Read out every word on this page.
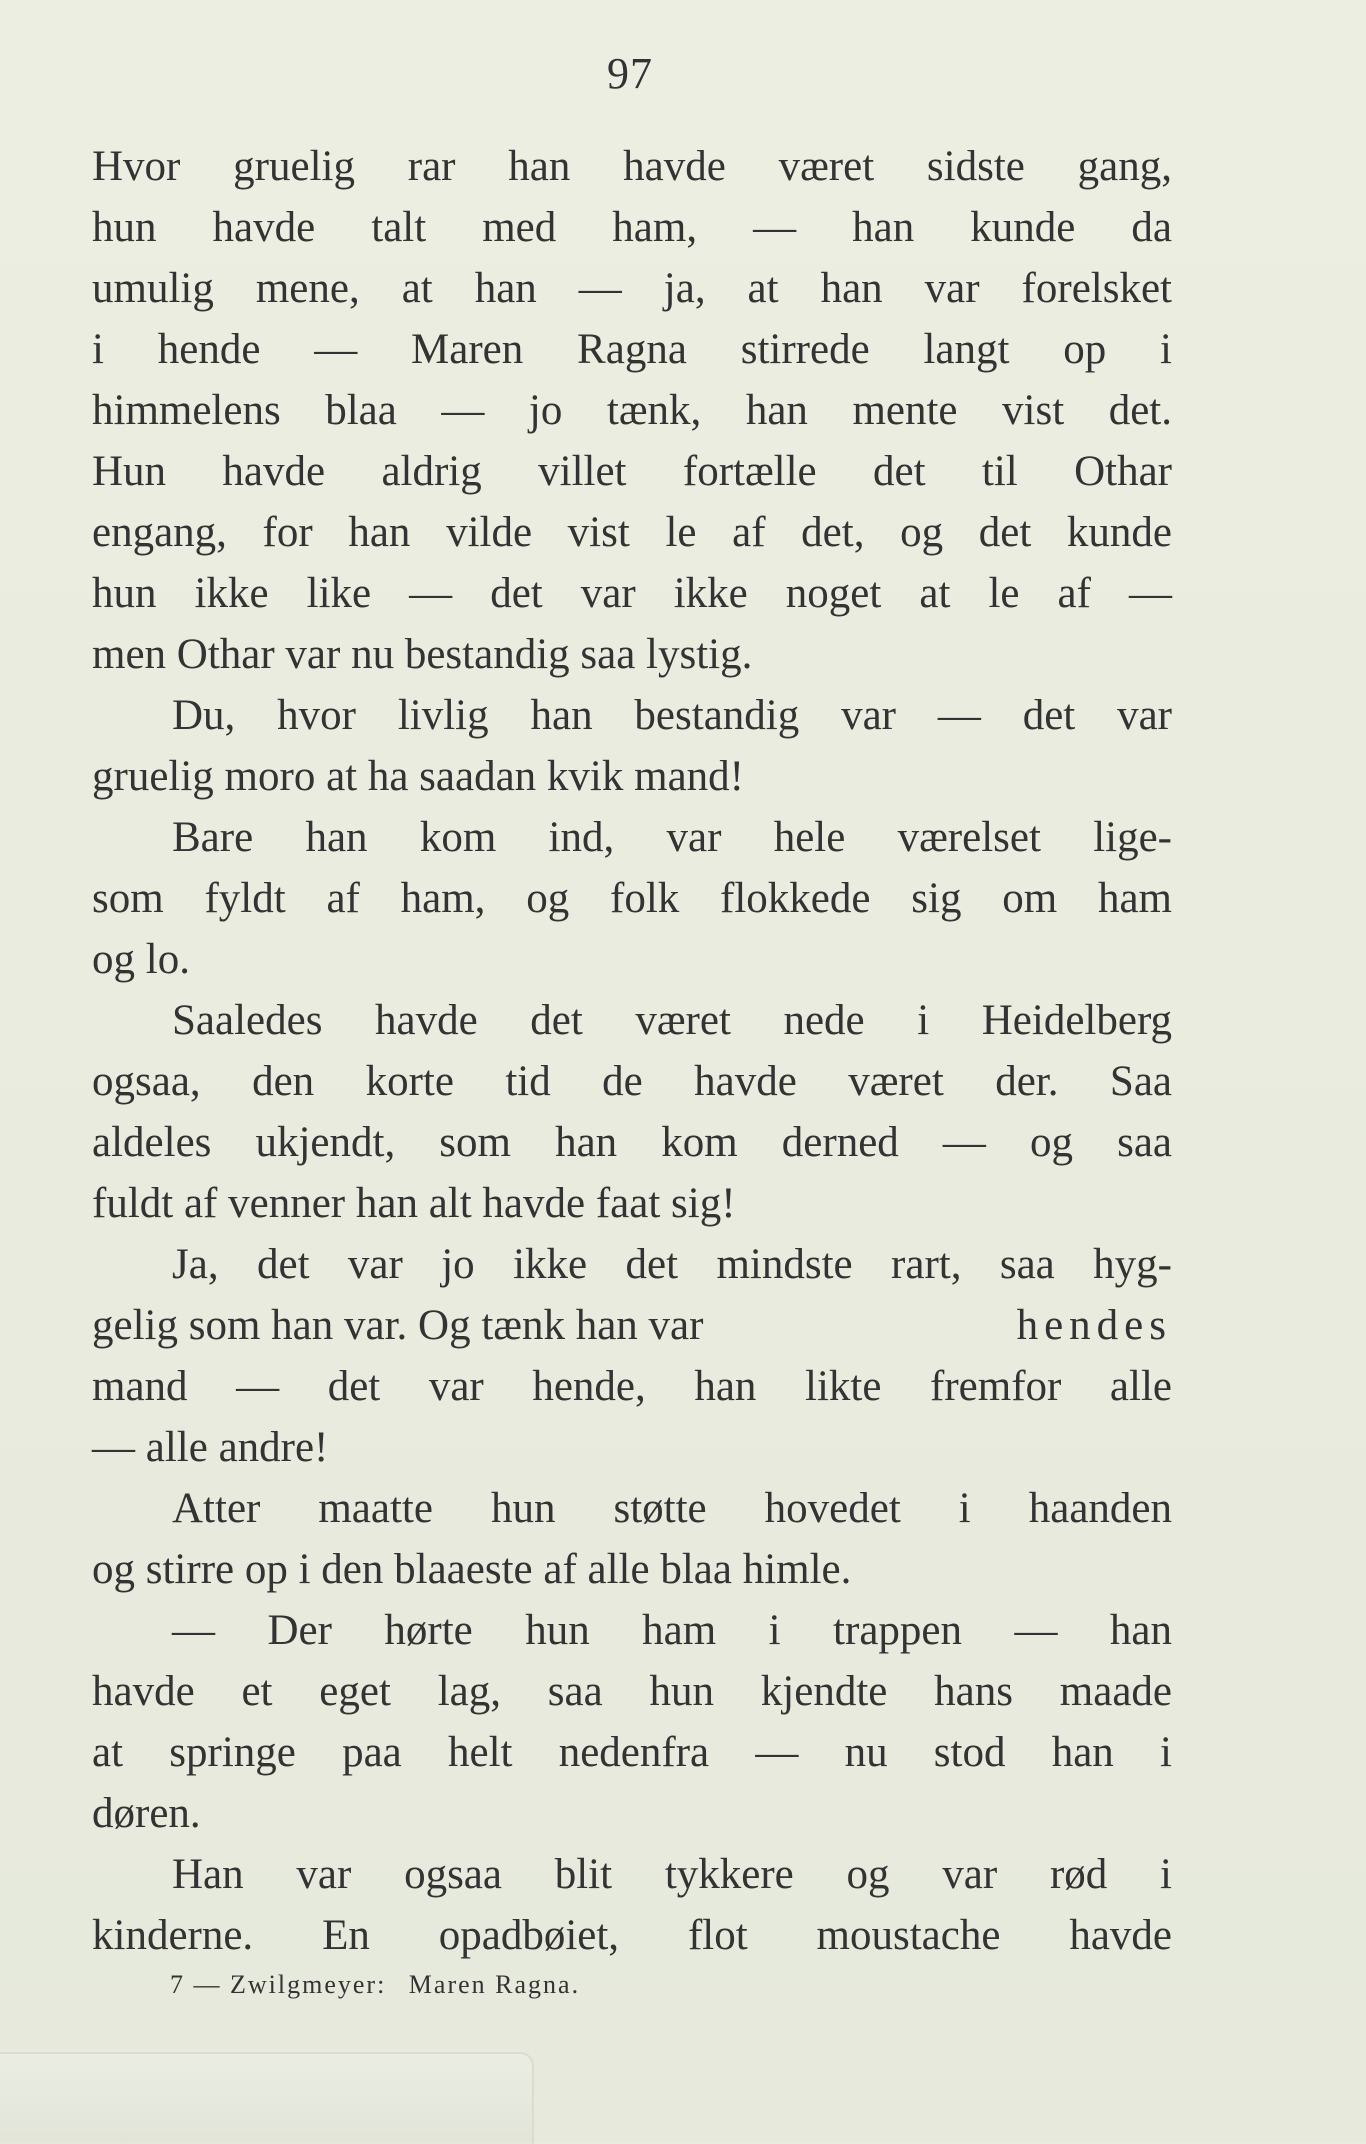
97
Hvor gruelig rar han havde været sidste gang,
hun havde talt med ham, — han kunde da
umulig mene, at han — ja, at han var forelsket
i hende — Maren Ragna stirrede langt op i
himmelens blaa — jo tænk, han mente vist det.
Hun havde aldrig villet fortælle det til Othar
engang, for han vilde vist le af det, og det kunde
hun ikke like — det var ikke noget at le af —
men Othar var nu bestandig saa lystig.
Du, hvor livlig han bestandig var — det var
gruelig moro at ha saadan kvik mand!
Bare han kom ind, var hele værelset lige-
som fyldt af ham, og folk flokkede sig om ham
og lo.
Saaledes havde det været nede i Heidelberg
ogsaa, den korte tid de havde været der. Saa
aldeles ukjendt, som han kom derned — og saa
fuldt af venner han alt havde faat sig!
Ja, det var jo ikke det mindste rart, saa hyg-
gelig som han var. Og tænk han var	hendes
mand — det var hende, han likte fremfor alle
— alle andre!
Atter maatte hun støtte hovedet i haanden
og stirre op i den blaaeste af alle blaa himle.
— Der hørte hun ham i trappen — han
havde et eget lag, saa hun kjendte hans maade
at springe paa helt nedenfra — nu stod han i
døren.
Han var ogsaa blit tykkere og var rød i
kinderne. En opadbøiet, flot moustache havde
7 — Zwilgmeyer: Maren Ragna.
